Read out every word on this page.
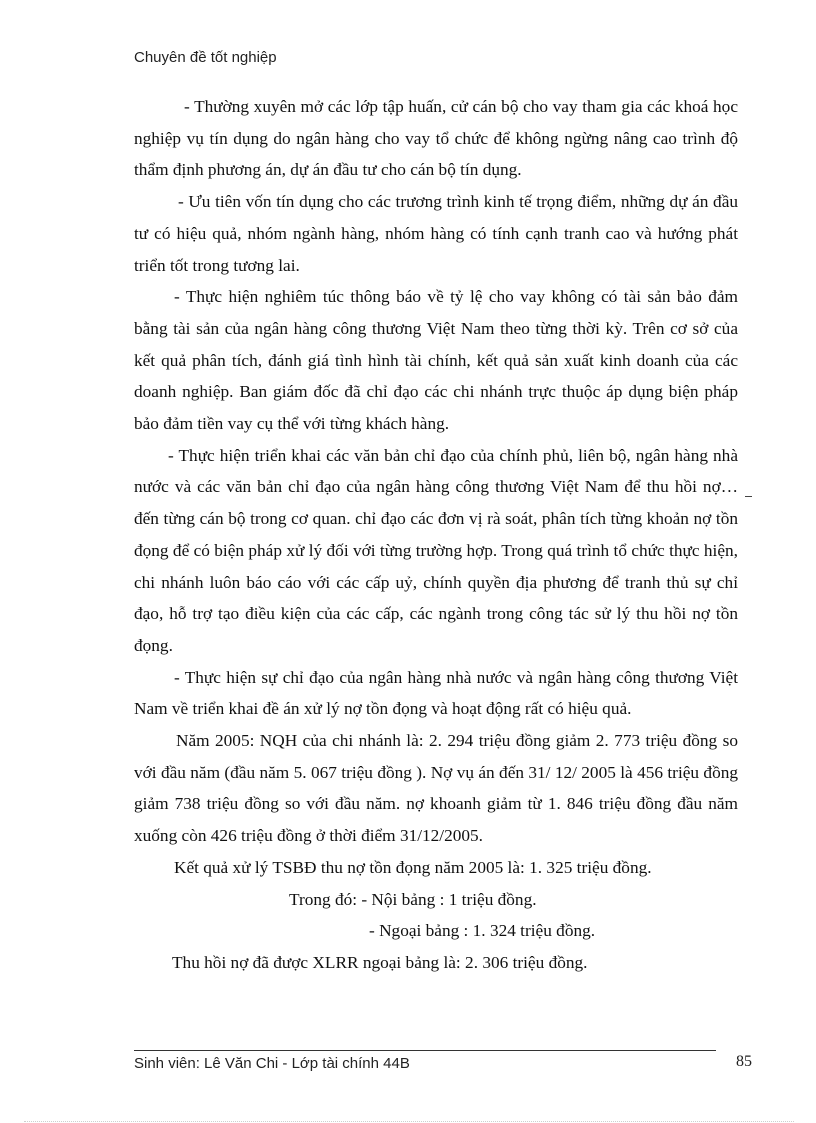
Chuyên đề tốt nghiệp

- Thường xuyên mở các lớp tập huấn, cử cán bộ cho vay tham gia các khoá học nghiệp vụ tín dụng do ngân hàng cho vay tổ chức để không ngừng nâng cao trình độ thẩm định phương án, dự án đầu tư cho cán bộ tín dụng.

- Ưu tiên vốn tín dụng cho các trương trình kinh tế trọng điểm, những dự án đầu tư có hiệu quả, nhóm ngành hàng, nhóm hàng có tính cạnh tranh cao và hướng phát triển tốt trong tương lai.

- Thực hiện nghiêm túc thông báo về tỷ lệ cho vay không có tài sản bảo đảm bằng tài sản của ngân hàng công thương Việt Nam theo từng thời kỳ. Trên cơ sở của kết quả phân tích, đánh giá tình hình tài chính, kết quả sản xuất kinh doanh của các doanh nghiệp. Ban giám đốc đã chỉ đạo các chi nhánh trực thuộc áp dụng biện pháp bảo đảm tiền vay cụ thể với từng khách hàng.

- Thực hiện triển khai các văn bản chỉ đạo của chính phủ, liên bộ, ngân hàng nhà nước và các văn bản chỉ đạo của ngân hàng công thương Việt Nam để thu hồi nợ… đến từng cán bộ trong cơ quan. chỉ đạo các đơn vị rà soát, phân tích từng khoản nợ tồn đọng để có biện pháp xử lý đối với từng trường hợp. Trong quá trình tổ chức thực hiện, chi nhánh luôn báo cáo với các cấp uỷ, chính quyền địa phương để tranh thủ sự chỉ đạo, hỗ trợ tạo điều kiện của các cấp, các ngành trong công tác sử lý thu hồi nợ tồn đọng.

- Thực hiện sự chỉ đạo của ngân hàng nhà nước và ngân hàng công thương Việt Nam về triển khai đề án xử lý nợ tồn đọng và hoạt động rất có hiệu quả.

Năm 2005: NQH của chi nhánh là: 2. 294 triệu đồng giảm 2. 773 triệu đồng so với đầu năm (đầu năm 5. 067 triệu đồng ). Nợ vụ án đến 31/ 12/ 2005 là 456 triệu đồng giảm 738 triệu đồng so với đầu năm. nợ khoanh giảm từ 1. 846 triệu đồng đầu năm xuống còn 426 triệu đồng ở thời điểm 31/12/2005.

Kết quả xử lý TSBĐ thu nợ tồn đọng năm 2005 là: 1. 325 triệu đồng.

Trong đó: - Nội bảng : 1 triệu đồng.

- Ngoại bảng : 1. 324 triệu đồng.

Thu hồi nợ đã được XLRR ngoại bảng là: 2. 306 triệu đồng.

Sinh viên: Lê Văn Chi - Lớp tài chính 44B	85
